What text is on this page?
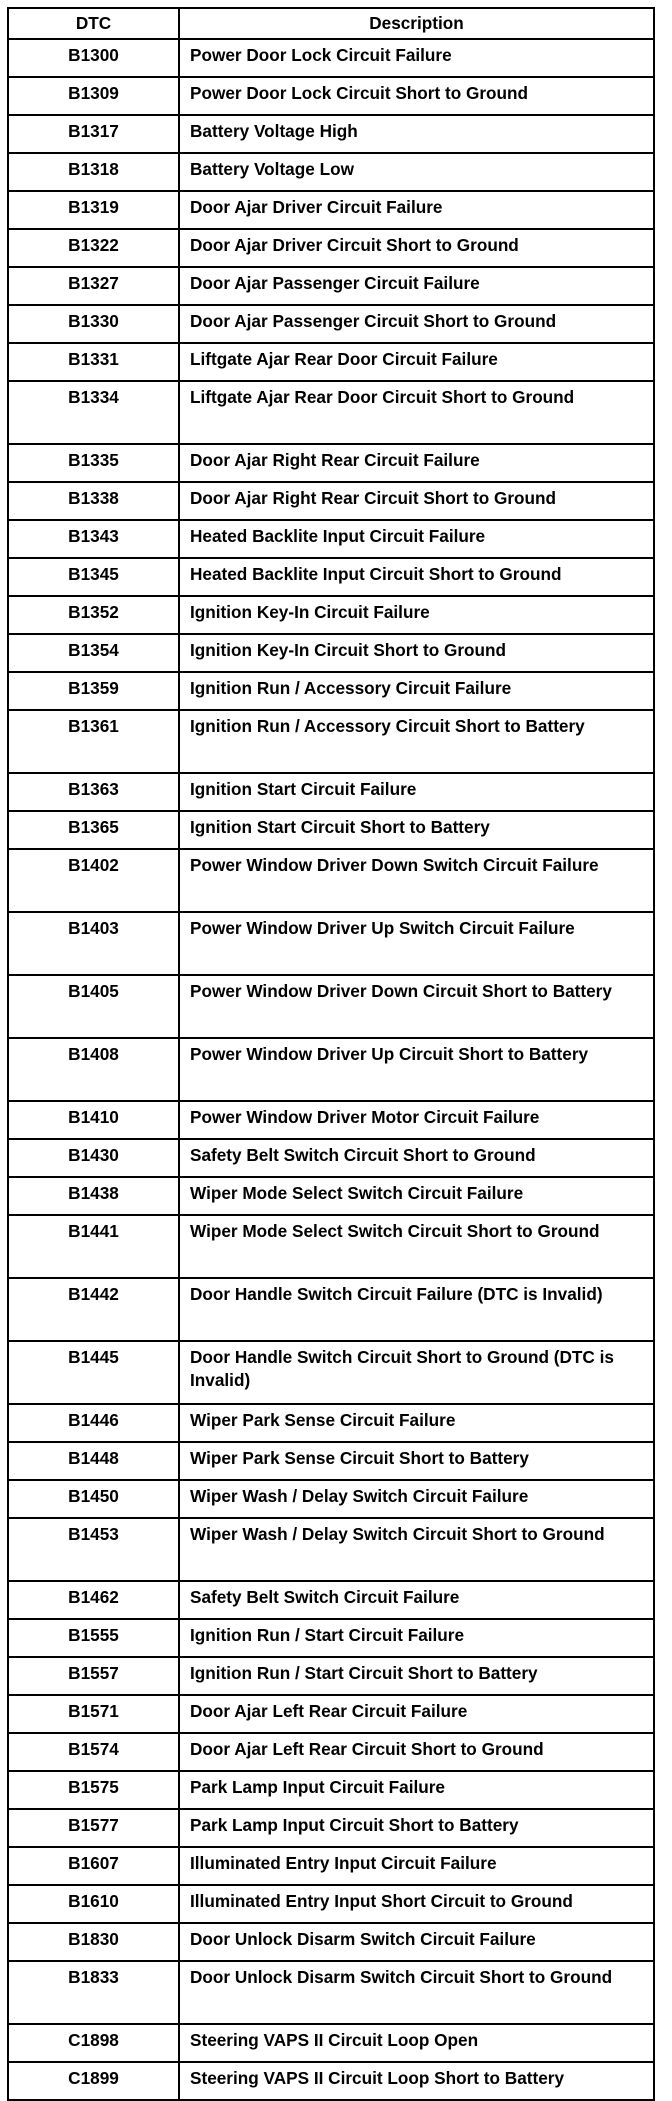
DTC	Description
B1300	Power Door Lock Circuit Failure
B1309	Power Door Lock Circuit Short to Ground
B1317	Battery Voltage High
B1318	Battery Voltage Low
B1319	Door Ajar Driver Circuit Failure
B1322	Door Ajar Driver Circuit Short to Ground
B1327	Door Ajar Passenger Circuit Failure
B1330	Door Ajar Passenger Circuit Short to Ground
B1331	Liftgate Ajar Rear Door Circuit Failure
B1334	Liftgate Ajar Rear Door Circuit Short to Ground
B1335	Door Ajar Right Rear Circuit Failure
B1338	Door Ajar Right Rear Circuit Short to Ground
B1343	Heated Backlite Input Circuit Failure
B1345	Heated Backlite Input Circuit Short to Ground
B1352	Ignition Key-In Circuit Failure
B1354	Ignition Key-In Circuit Short to Ground
B1359	Ignition Run / Accessory Circuit Failure
B1361	Ignition Run / Accessory Circuit Short to Battery
B1363	Ignition Start Circuit Failure
B1365	Ignition Start Circuit Short to Battery
B1402	Power Window Driver Down Switch Circuit Failure
B1403	Power Window Driver Up Switch Circuit Failure
B1405	Power Window Driver Down Circuit Short to Battery
B1408	Power Window Driver Up Circuit Short to Battery
B1410	Power Window Driver Motor Circuit Failure
B1430	Safety Belt Switch Circuit Short to Ground
B1438	Wiper Mode Select Switch Circuit Failure
B1441	Wiper Mode Select Switch Circuit Short to Ground
B1442	Door Handle Switch Circuit Failure (DTC is Invalid)
B1445	Door Handle Switch Circuit Short to Ground (DTC is Invalid)
B1446	Wiper Park Sense Circuit Failure
B1448	Wiper Park Sense Circuit Short to Battery
B1450	Wiper Wash / Delay Switch Circuit Failure
B1453	Wiper Wash / Delay Switch Circuit Short to Ground
B1462	Safety Belt Switch Circuit Failure
B1555	Ignition Run / Start Circuit Failure
B1557	Ignition Run / Start Circuit Short to Battery
B1571	Door Ajar Left Rear Circuit Failure
B1574	Door Ajar Left Rear Circuit Short to Ground
B1575	Park Lamp Input Circuit Failure
B1577	Park Lamp Input Circuit Short to Battery
B1607	Illuminated Entry Input Circuit Failure
B1610	Illuminated Entry Input Short Circuit to Ground
B1830	Door Unlock Disarm Switch Circuit Failure
B1833	Door Unlock Disarm Switch Circuit Short to Ground
C1898	Steering VAPS II Circuit Loop Open
C1899	Steering VAPS II Circuit Loop Short to Battery
